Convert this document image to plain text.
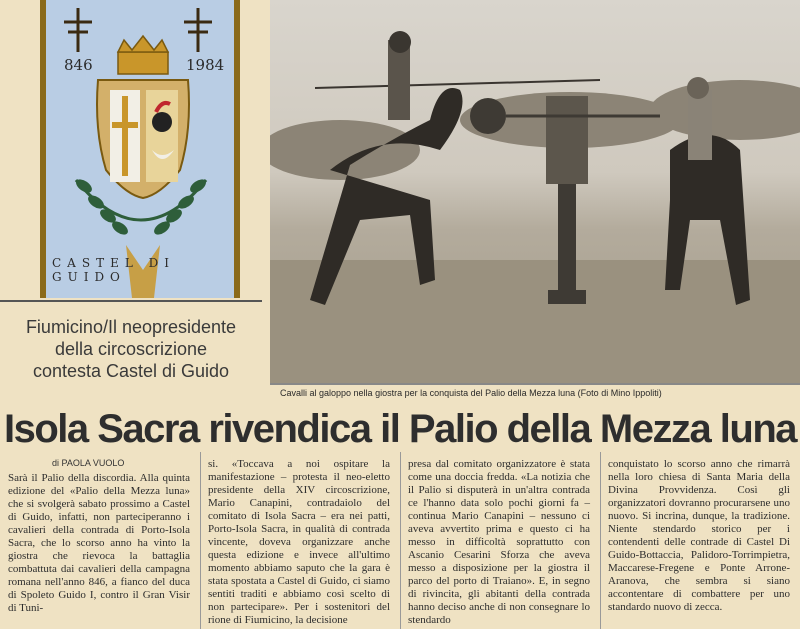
846	1984
CASTEL DI GUIDO
Cavalli al galoppo nella giostra per la conquista del Palio della Mezza luna (Foto di Mino Ippoliti)
Fiumicino/Il neopresidente
della circoscrizione
contesta Castel di Guido
Isola Sacra rivendica il Palio della Mezza luna
di PAOLA VUOLO
Sarà il Palio della discordia. Alla quinta edizione del «Palio della Mezza luna» che si svolgerà sabato prossimo a Castel di Guido, infatti, non parteciperanno i cavalieri della contrada di Porto-Isola Sacra, che lo scorso anno ha vinto la giostra che rievoca la battaglia combattuta dai cavalieri della campagna romana nell'anno 846, a fianco del duca di Spoleto Guido I, contro il Gran Visir di Tuni-
si. «Toccava a noi ospitare la manifestazione – protesta il neo-eletto presidente della XIV circoscrizione, Mario Canapini, contradaiolo del comitato di Isola Sacra – era nei patti, Porto-Isola Sacra, in qualità di contrada vincente, doveva organizzare anche questa edizione e invece all'ultimo momento abbiamo saputo che la gara è stata spostata a Castel di Guido, ci siamo sentiti traditi e abbiamo così scelto di non partecipare». Per i sostenitori del rione di Fiumicino, la decisione
presa dal comitato organizzatore è stata come una doccia fredda. «La notizia che il Palio si disputerà in un'altra contrada ce l'hanno data solo pochi giorni fa – continua Mario Canapini – nessuno ci aveva avvertito prima e questo ci ha messo in difficoltà soprattutto con Ascanio Cesarini Sforza che aveva messo a disposizione per la giostra il parco del porto di Traiano». E, in segno di rivincita, gli abitanti della contrada hanno deciso anche di non consegnare lo stendardo
conquistato lo scorso anno che rimarrà nella loro chiesa di Santa Maria della Divina Provvidenza. Così gli organizzatori dovranno procurarsene uno nuovo. Si incrina, dunque, la tradizione. Niente stendardo storico per i contendenti delle contrade di Castel Di Guido-Bottaccia, Palidoro-Torrimpietra, Maccarese-Fregene e Ponte Arrone-Aranova, che sembra si siano accontentare di combattere per uno standardo nuovo di zecca.
